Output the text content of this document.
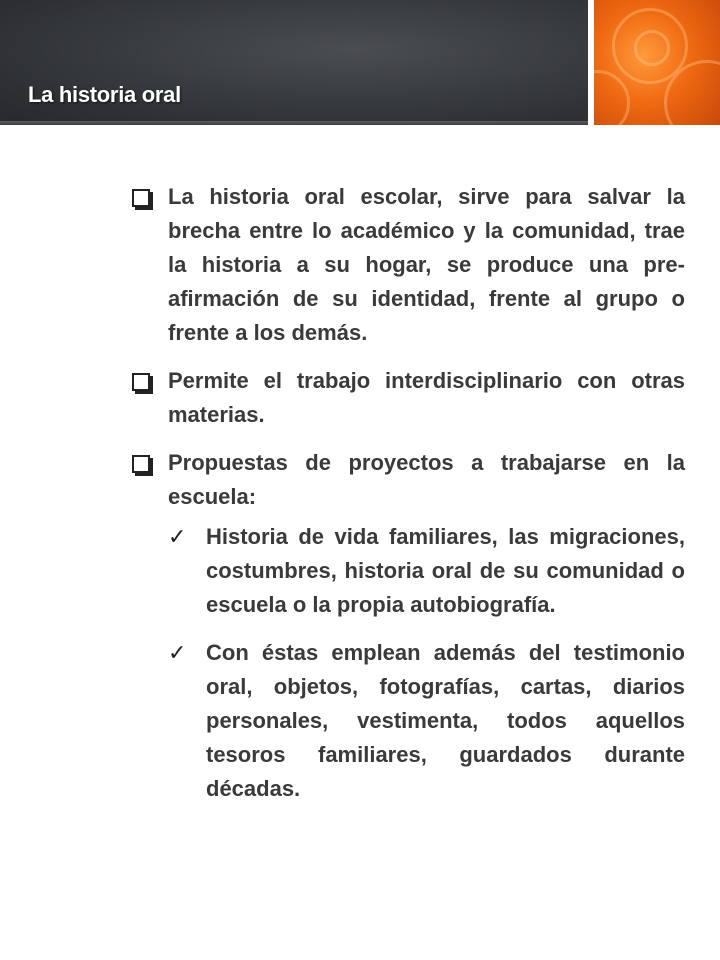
La historia oral
La historia oral escolar, sirve para salvar la brecha entre lo académico y la comunidad, trae la historia a su hogar, se produce una pre-afirmación de su identidad, frente al grupo o frente a los demás.
Permite el trabajo interdisciplinario con otras materias.
Propuestas de proyectos a trabajarse en la escuela:
✓ Historia de vida familiares, las migraciones, costumbres, historia oral de su comunidad o escuela o la propia autobiografía.
✓ Con éstas emplean además del testimonio oral, objetos, fotografías, cartas, diarios personales, vestimenta, todos aquellos tesoros familiares, guardados durante décadas.
